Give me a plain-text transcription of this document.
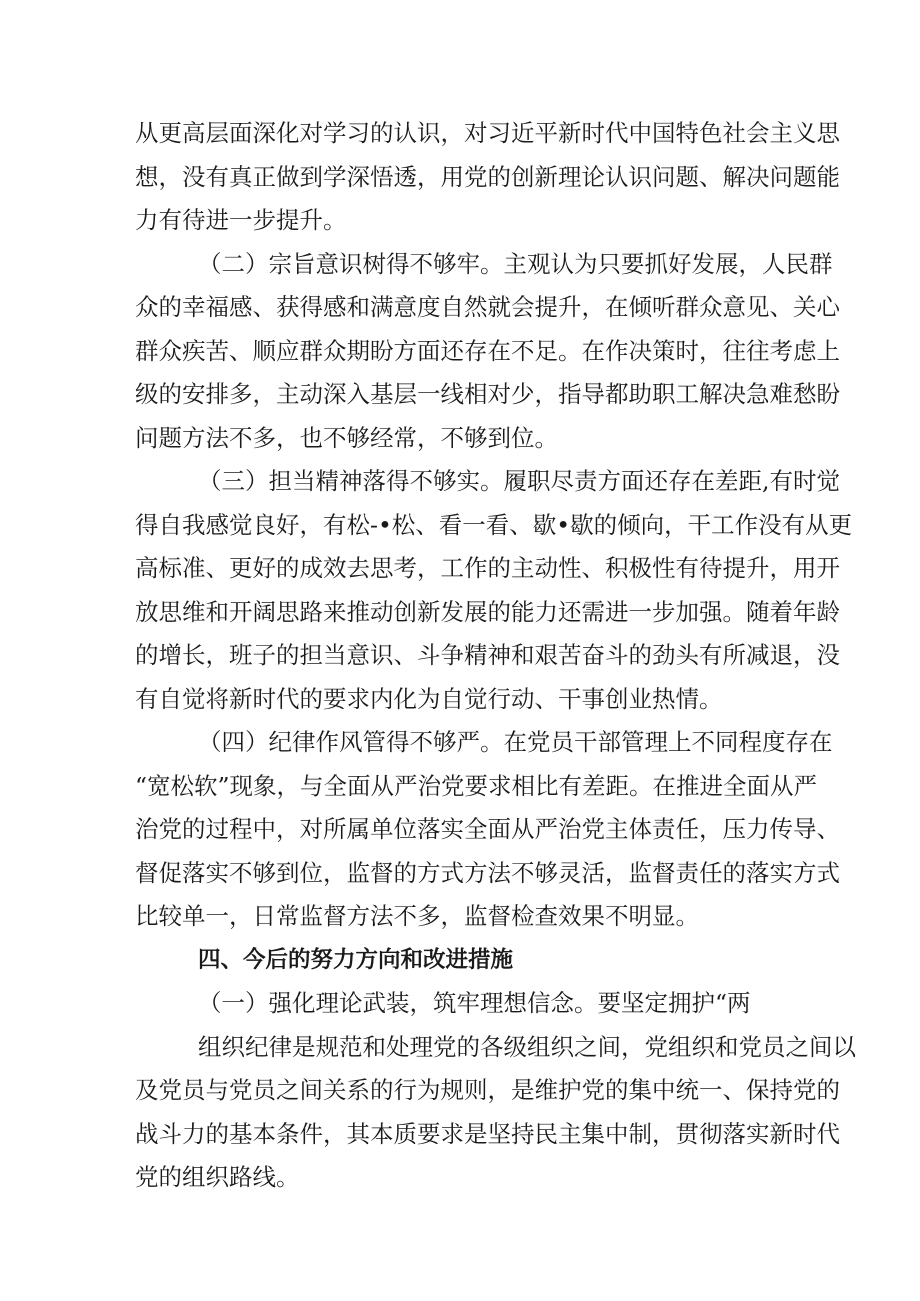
从更高层面深化对学习的认识，对习近平新时代中国特色社会主义思
想，没有真正做到学深悟透，用党的创新理论认识问题、解决问题能
力有待进一步提升。
（二）宗旨意识树得不够牢。主观认为只要抓好发展，人民群
众的幸福感、获得感和满意度自然就会提升，在倾听群众意见、关心
群众疾苦、顺应群众期盼方面还存在不足。在作决策时，往往考虑上
级的安排多，主动深入基层一线相对少，指导都助职工解决急难愁盼
问题方法不多，也不够经常，不够到位。
（三）担当精神落得不够实。履职尽责方面还存在差距,有时觉
得自我感觉良好，有松-•松、看一看、歇•歇的倾向，干工作没有从更
高标准、更好的成效去思考，工作的主动性、积极性有待提升，用开
放思维和开阔思路来推动创新发展的能力还需进一步加强。随着年龄
的增长，班子的担当意识、斗争精神和艰苦奋斗的劲头有所减退，没
有自觉将新时代的要求内化为自觉行动、干事创业热情。
（四）纪律作风管得不够严。在党员干部管理上不同程度存在
“宽松软”现象，与全面从严治党要求相比有差距。在推进全面从严
治党的过程中，对所属单位落实全面从严治党主体责任，压力传导、
督促落实不够到位，监督的方式方法不够灵活，监督责任的落实方式
比较单一，日常监督方法不多，监督检查效果不明显。
四、今后的努力方向和改进措施
（一）强化理论武装，筑牢理想信念。要坚定拥护“两
组织纪律是规范和处理党的各级组织之间，党组织和党员之间以
及党员与党员之间关系的行为规则，是维护党的集中统一、保持党的
战斗力的基本条件，其本质要求是坚持民主集中制，贯彻落实新时代
党的组织路线。
